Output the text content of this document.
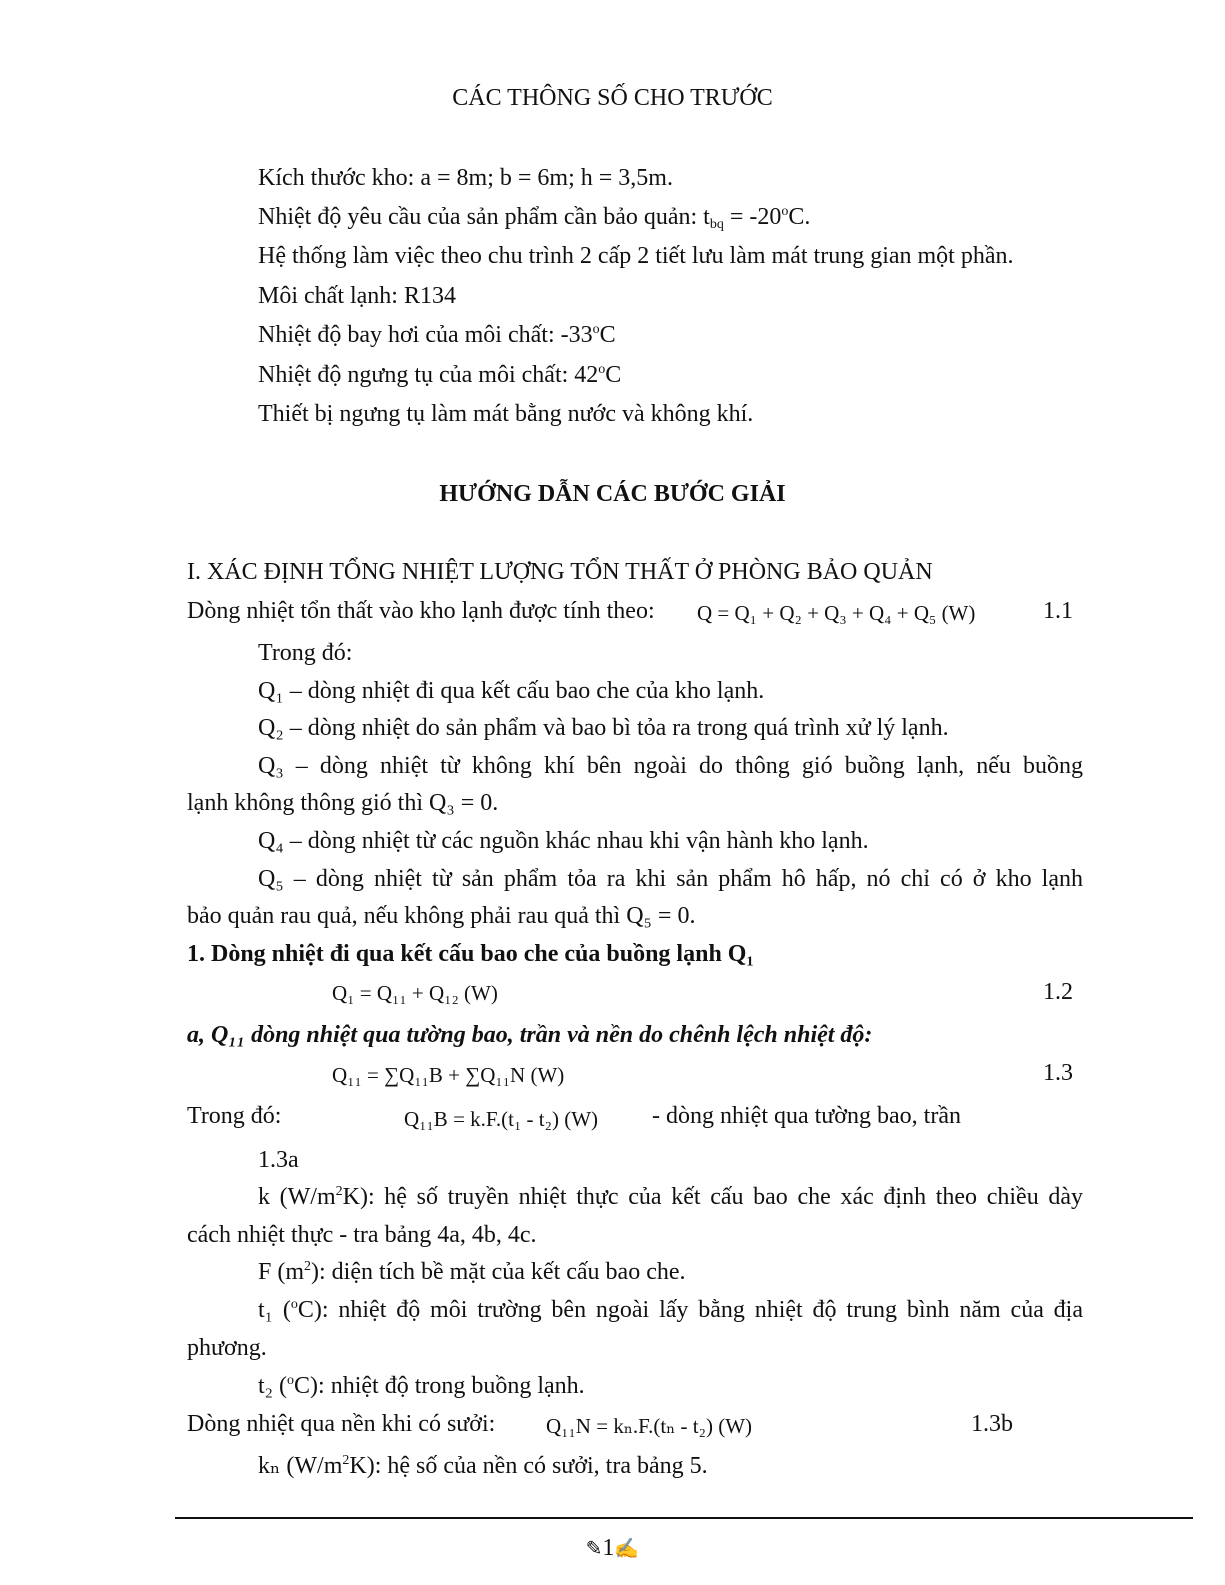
CÁC THÔNG SỐ CHO TRƯỚC
Kích thước kho: a = 8m; b = 6m; h = 3,5m.
Nhiệt độ yêu cầu của sản phẩm cần bảo quản: $t_{bq} = -20^oC$.
Hệ thống làm việc theo chu trình 2 cấp 2 tiết lưu làm mát trung gian một phần.
Môi chất lạnh: R134
Nhiệt độ bay hơi của môi chất: -33$^o$C
Nhiệt độ ngưng tụ của môi chất: 42$^o$C
Thiết bị ngưng tụ làm mát bằng nước và không khí.
HƯỚNG DẪN CÁC BƯỚC GIẢI
I. XÁC ĐỊNH TỔNG NHIỆT LƯỢNG TỔN THẤT Ở PHÒNG BẢO QUẢN
Dòng nhiệt tổn thất vào kho lạnh được tính theo: Q = Q₁ + Q₂ + Q₃ + Q₄ + Q₅ (W)	1.1
Trong đó:
Q₁ – dòng nhiệt đi qua kết cấu bao che của kho lạnh.
Q₂ – dòng nhiệt do sản phẩm và bao bì tỏa ra trong quá trình xử lý lạnh.
Q₃ – dòng nhiệt từ không khí bên ngoài do thông gió buồng lạnh, nếu buồng
lạnh không thông gió thì Q₃ = 0.
Q₄ – dòng nhiệt từ các nguồn khác nhau khi vận hành kho lạnh.
Q₅ – dòng nhiệt từ sản phẩm tỏa ra khi sản phẩm hô hấp, nó chỉ có ở kho lạnh
bảo quản rau quả, nếu không phải rau quả thì Q₅ = 0.
1. Dòng nhiệt đi qua kết cấu bao che của buồng lạnh Q₁
Q₁ = Q₁₁ + Q₁₂ (W)	1.2
a, Q₁₁ dòng nhiệt qua tường bao, trần và nền do chênh lệch nhiệt độ:
Q₁₁ = ∑Q₁₁B + ∑Q₁₁N (W)	1.3
Trong đó:	Q₁₁B = k.F.(t₁ - t₂) (W) - dòng nhiệt qua tường bao, trần
1.3a
k $(W/m^2K)$: hệ số truyền nhiệt thực của kết cấu bao che xác định theo chiều dày
cách nhiệt thực - tra bảng 4a, 4b, 4c.
F $(m^2)$: diện tích bề mặt của kết cấu bao che.
t₁ ($^o$C): nhiệt độ môi trường bên ngoài lấy bằng nhiệt độ trung bình năm của địa
phương.
t₂ ($^o$C): nhiệt độ trong buồng lạnh.
Dòng nhiệt qua nền khi có sưởi: Q₁₁N = kₙ.F.(tₙ - t₂) (W)	1.3b
kₙ $(W/m^2K)$: hệ số của nền có sưởi, tra bảng 5.
✎1✍
